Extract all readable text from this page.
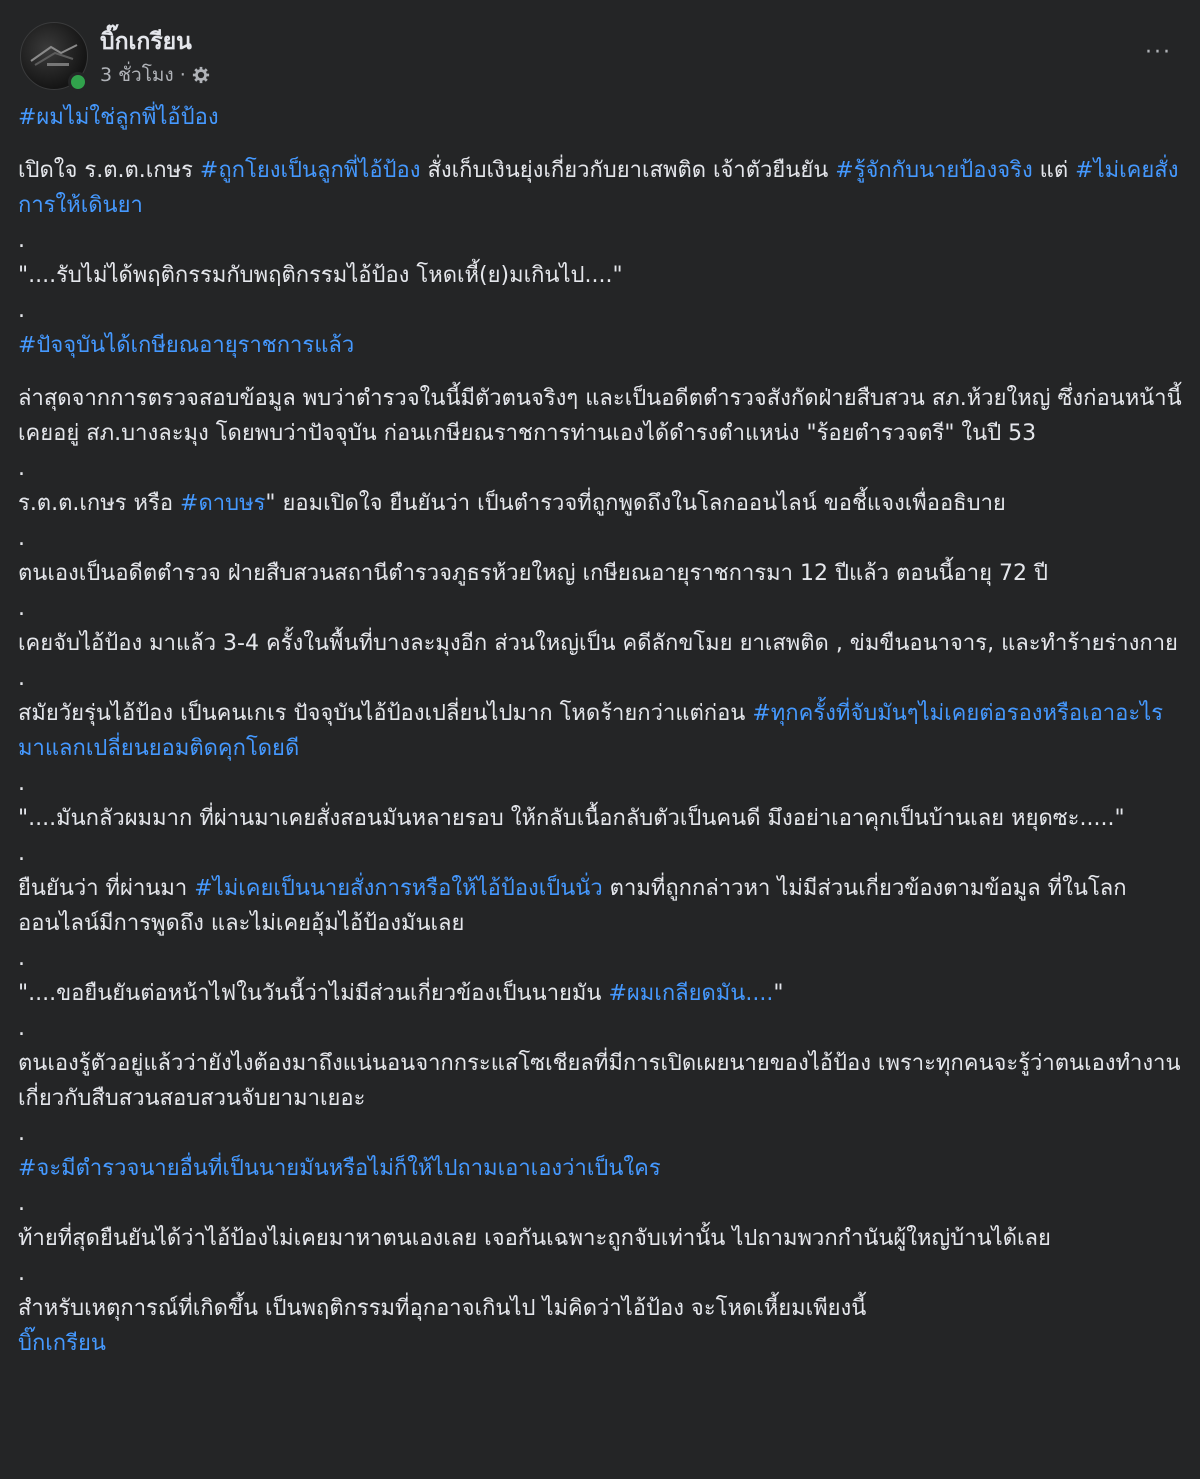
บิ๊กเกรียน
3 ชั่วโมง ·
···

#ผมไม่ใช่ลูกพี่ไอ้ป้อง

เปิดใจ ร.ต.ต.เกษร #ถูกโยงเป็นลูกพี่ไอ้ป้อง สั่งเก็บเงินยุ่งเกี่ยวกับยาเสพติด เจ้าตัวยืนยัน #รู้จักกับนายป้องจริง แต่ #ไม่เคยสั่งการให้เดินยา

.

"....รับไม่ได้พฤติกรรมกับพฤติกรรมไอ้ป้อง โหดเหี้(ย)มเกินไป...."

.

#ปัจจุบันได้เกษียณอายุราชการแล้ว

ล่าสุดจากการตรวจสอบข้อมูล พบว่าตำรวจในนี้มีตัวตนจริงๆ และเป็นอดีตตำรวจสังกัดฝ่ายสืบสวน สภ.ห้วยใหญ่ ซึ่งก่อนหน้านี้เคยอยู่ สภ.บางละมุง โดยพบว่าปัจจุบัน ก่อนเกษียณราชการท่านเองได้ดำรงตำแหน่ง "ร้อยตำรวจตรี" ในปี 53

.

ร.ต.ต.เกษร หรือ #ดาบษร" ยอมเปิดใจ ยืนยันว่า เป็นตำรวจที่ถูกพูดถึงในโลกออนไลน์ ขอชี้แจงเพื่ออธิบาย

.

ตนเองเป็นอดีตตำรวจ ฝ่ายสืบสวนสถานีตำรวจภูธรห้วยใหญ่ เกษียณอายุราชการมา 12 ปีแล้ว ตอนนี้อายุ 72 ปี

.

เคยจับไอ้ป้อง มาแล้ว 3-4 ครั้งในพื้นที่บางละมุงอีก ส่วนใหญ่เป็น คดีลักขโมย ยาเสพติด , ข่มขืนอนาจาร, และทำร้ายร่างกาย

.

สมัยวัยรุ่นไอ้ป้อง เป็นคนเกเร ปัจจุบันไอ้ป้องเปลี่ยนไปมาก โหดร้ายกว่าแต่ก่อน #ทุกครั้งที่จับมันๆไม่เคยต่อรองหรือเอาอะไรมาแลกเปลี่ยนยอมติดคุกโดยดี

.

"....มันกลัวผมมาก ที่ผ่านมาเคยสั่งสอนมันหลายรอบ ให้กลับเนื้อกลับตัวเป็นคนดี มึงอย่าเอาคุกเป็นบ้านเลย หยุดซะ....."

.

ยืนยันว่า ที่ผ่านมา #ไม่เคยเป็นนายสั่งการหรือให้ไอ้ป้องเป็นนั่ว ตามที่ถูกกล่าวหา ไม่มีส่วนเกี่ยวข้องตามข้อมูล ที่ในโลกออนไลน์มีการพูดถึง และไม่เคยอุ้มไอ้ป้องมันเลย

.

"....ขอยืนยันต่อหน้าไฟในวันนี้ว่าไม่มีส่วนเกี่ยวข้องเป็นนายมัน #ผมเกลียดมัน...."

.

ตนเองรู้ตัวอยู่แล้วว่ายังไงต้องมาถึงแน่นอนจากกระแสโซเชียลที่มีการเปิดเผยนายของไอ้ป้อง เพราะทุกคนจะรู้ว่าตนเองทำงานเกี่ยวกับสืบสวนสอบสวนจับยามาเยอะ

.

#จะมีตำรวจนายอื่นที่เป็นนายมันหรือไม่ก็ให้ไปถามเอาเองว่าเป็นใคร

.

ท้ายที่สุดยืนยันได้ว่าไอ้ป้องไม่เคยมาหาตนเองเลย เจอกันเฉพาะถูกจับเท่านั้น ไปถามพวกกำนันผู้ใหญ่บ้านได้เลย

.

สำหรับเหตุการณ์ที่เกิดขึ้น เป็นพฤติกรรมที่อุกอาจเกินไป ไม่คิดว่าไอ้ป้อง จะโหดเหี้ยมเพียงนี้

บิ๊กเกรียน
